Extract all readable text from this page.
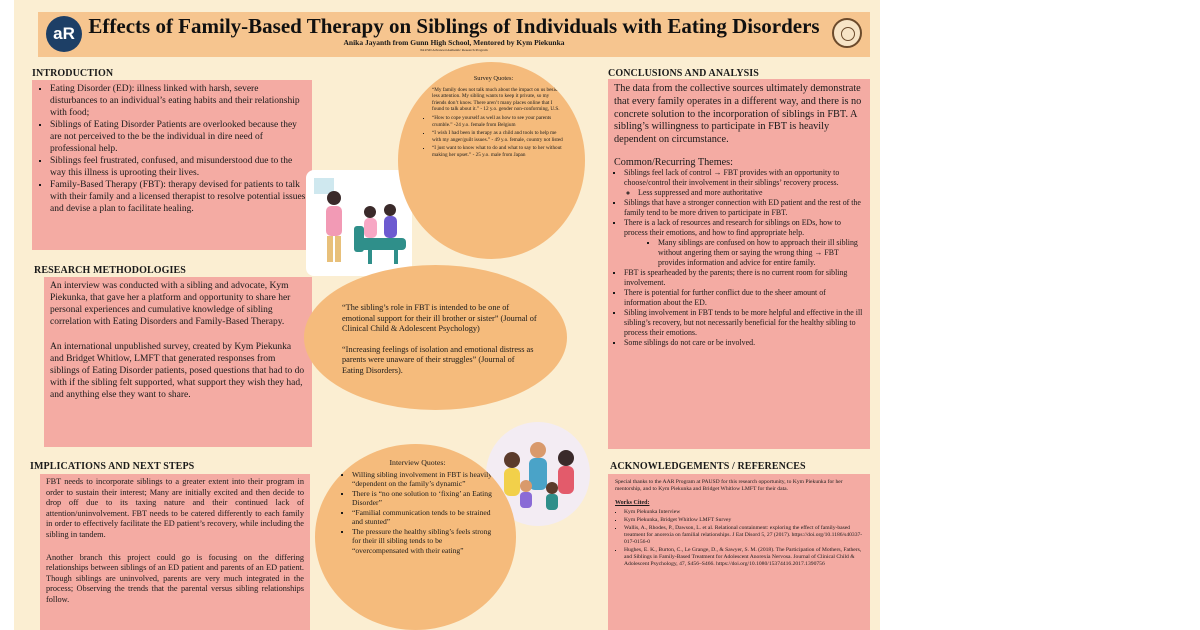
aR Effects of Family-Based Therapy on Siblings of Individuals with Eating Disorders
Anika Jayanth from Gunn High School, Mentored by Kym Piekunka
PAUSD Advanced Authentic Research Program
INTRODUCTION
▪ Eating Disorder (ED): illness linked with harsh, severe disturbances to an individual’s eating habits and their relationship with food;
▪ Siblings of Eating Disorder Patients are overlooked because they are not perceived to the be the individual in dire need of professional help.
▪ Siblings feel frustrated, confused, and misunderstood due to the way this illness is uprooting their lives.
▪ Family-Based Therapy (FBT): therapy devised for patients to talk with their family and a licensed therapist to resolve potential issues and devise a plan to facilitate healing.
RESEARCH METHODOLOGIES

An interview was conducted with a sibling and advocate, Kym Piekunka, that gave her a platform and opportunity to share her personal experiences and cumulative knowledge of sibling correlation with Eating Disorders and Family-Based Therapy.

An international unpublished survey, created by Kym Piekunka and Bridget Whitlow, LMFT that generated responses from siblings of Eating Disorder patients, posed questions that had to do with if the sibling felt supported, what support they wish they had, and anything else they want to share.

IMPLICATIONS AND NEXT STEPS

FBT needs to incorporate siblings to a greater extent into their program in order to sustain their interest; Many are initially excited and then decide to drop off due to its taxing nature and their continued lack of attention/uninvolvement. FBT needs to be catered differently to each family in order to effectively facilitate the ED patient’s recovery, while including the sibling in tandem.

Another branch this project could go is focusing on the differing relationships between siblings of an ED patient and parents of an ED patient. Though siblings are uninvolved, parents are very much integrated in the process; Observing the trends that the parental versus sibling relationships follow.

Survey Quotes:
▪ “My family does not talk much about the impact on us besides less attention. My sibling wants to keep it private, so my friends don’t know. There aren’t many places online that I found to talk about it.” - 12 y.o. gender non-conforming, U.S.
▪ “How to cope yourself as well as how to see your parents crumble.” -24 y.o. female from Belgium
▪ “I wish I had been in therapy as a child and tools to help me with my anger/guilt issues.” - 49 y.o. female, country not listed
▪ “I just want to know what to do and what to say to her without making her upset.” - 25 y.o. male from Japan

“The sibling’s role in FBT is intended to be one of emotional support for their ill brother or sister” (Journal of Clinical Child & Adolescent Psychology)

“Increasing feelings of isolation and emotional distress as parents were unaware of their struggles” (Journal of Eating Disorders).

Interview Quotes:
▪ Willing sibling involvement in FBT is heavily “dependent on the family’s dynamic”
▪ There is “no one solution to ‘fixing’ an Eating Disorder”
▪ “Familial communication tends to be strained and stunted”
▪ The pressure the healthy sibling’s feels strong for their ill sibling tends to be “overcompensated with their eating”
CONCLUSIONS AND ANALYSIS

The data from the collective sources ultimately demonstrate that every family operates in a different way, and there is no concrete solution to the incorporation of siblings in FBT. A sibling’s willingness to participate in FBT is heavily dependent on circumstance.

Common/Recurring Themes:

▪ Siblings feel lack of control → FBT provides with an opportunity to choose/control their involvement in their siblings’ recovery process.
◦ Less suppressed and more authoritative
▪ Siblings that have a stronger connection with ED patient and the rest of the family tend to be more driven to participate in FBT.
▪ There is a lack of resources and research for siblings on EDs, how to process their emotions, and how to find appropriate help.
▪ Many siblings are confused on how to approach their ill sibling without angering them or saying the wrong thing → FBT provides information and advice for entire family.
▪ FBT is spearheaded by the parents; there is no current room for sibling involvement.
▪ There is potential for further conflict due to the sheer amount of information about the ED.
▪ Sibling involvement in FBT tends to be more helpful and effective in the ill sibling’s recovery, but not necessarily beneficial for the healthy sibling to process their emotions.
▪ Some siblings do not care or be involved.
ACKNOWLEDGEMENTS / REFERENCES

Special thanks to the AAR Program at PAUSD for this research opportunity, to Kym Piekunka for her mentorship, and to Kym Piekunka and Bridget Whitlow LMFT for their data.

Works Cited:

▪ Kym Piekunka Interview
▪ Kym Piekunka, Bridget Whitlow LMFT Survey
▪ Wallis, A., Rhodes, P., Dawson, L. et al. Relational containment: exploring the effect of family-based treatment for anorexia on familial relationships. J Eat Disord 5, 27 (2017). https://doi.org/10.1186/s40337-017-0156-0
▪ Hughes, E. K., Burton, C., Le Grange, D., & Sawyer, S. M. (2018). The Participation of Mothers, Fathers, and Siblings in Family-Based Treatment for Adolescent Anorexia Nervosa. Journal of Clinical Child & Adolescent Psychology, 47, S456–S466. https://doi.org/10.1080/15374416.2017.1390756
